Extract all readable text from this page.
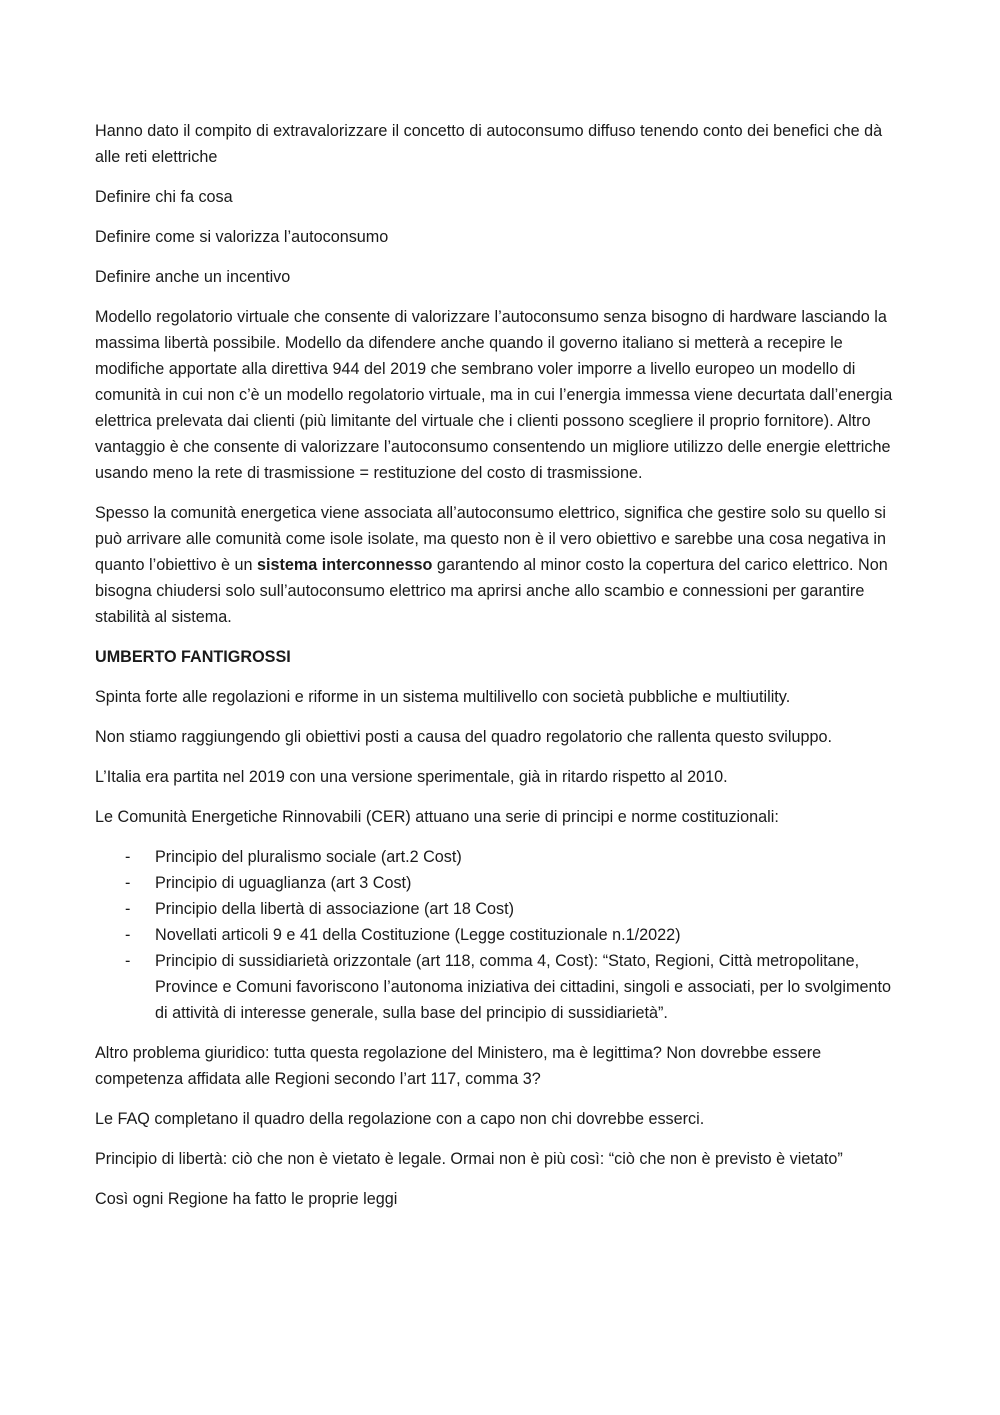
Hanno dato il compito di extravalorizzare il concetto di autoconsumo diffuso tenendo conto dei benefici che dà alle reti elettriche

Definire chi fa cosa

Definire come si valorizza l’autoconsumo

Definire anche un incentivo

Modello regolatorio virtuale che consente di valorizzare l’autoconsumo senza bisogno di hardware lasciando la massima libertà possibile. Modello da difendere anche quando il governo italiano si metterà a recepire le modifiche apportate alla direttiva 944 del 2019 che sembrano voler imporre a livello europeo un modello di comunità in cui non c’è un modello regolatorio virtuale, ma in cui l’energia immessa viene decurtata dall’energia elettrica prelevata dai clienti (più limitante del virtuale che i clienti possono scegliere il proprio fornitore). Altro vantaggio è che consente di valorizzare l’autoconsumo consentendo un migliore utilizzo delle energie elettriche usando meno la rete di trasmissione = restituzione del costo di trasmissione.

Spesso la comunità energetica viene associata all’autoconsumo elettrico, significa che gestire solo su quello si può arrivare alle comunità come isole isolate, ma questo non è il vero obiettivo e sarebbe una cosa negativa in quanto l’obiettivo è un sistema interconnesso garantendo al minor costo la copertura del carico elettrico. Non bisogna chiudersi solo sull’autoconsumo elettrico ma aprirsi anche allo scambio e connessioni per garantire stabilità al sistema.

UMBERTO FANTIGROSSI

Spinta forte alle regolazioni e riforme in un sistema multilivello con società pubbliche e multiutility.

Non stiamo raggiungendo gli obiettivi posti a causa del quadro regolatorio che rallenta questo sviluppo.

L’Italia era partita nel 2019 con una versione sperimentale, già in ritardo rispetto al 2010.

Le Comunità Energetiche Rinnovabili (CER) attuano una serie di principi e norme costituzionali:

- Principio del pluralismo sociale (art.2 Cost)
- Principio di uguaglianza (art 3 Cost)
- Principio della libertà di associazione (art 18 Cost)
- Novellati articoli 9 e 41 della Costituzione (Legge costituzionale n.1/2022)
- Principio di sussidiarietà orizzontale (art 118, comma 4, Cost): “Stato, Regioni, Città metropolitane, Province e Comuni favoriscono l’autonoma iniziativa dei cittadini, singoli e associati, per lo svolgimento di attività di interesse generale, sulla base del principio di sussidiarietà”.

Altro problema giuridico: tutta questa regolazione del Ministero, ma è legittima? Non dovrebbe essere competenza affidata alle Regioni secondo l’art 117, comma 3?

Le FAQ completano il quadro della regolazione con a capo non chi dovrebbe esserci.

Principio di libertà: ciò che non è vietato è legale. Ormai non è più così: “ciò che non è previsto è vietato”

Così ogni Regione ha fatto le proprie leggi
